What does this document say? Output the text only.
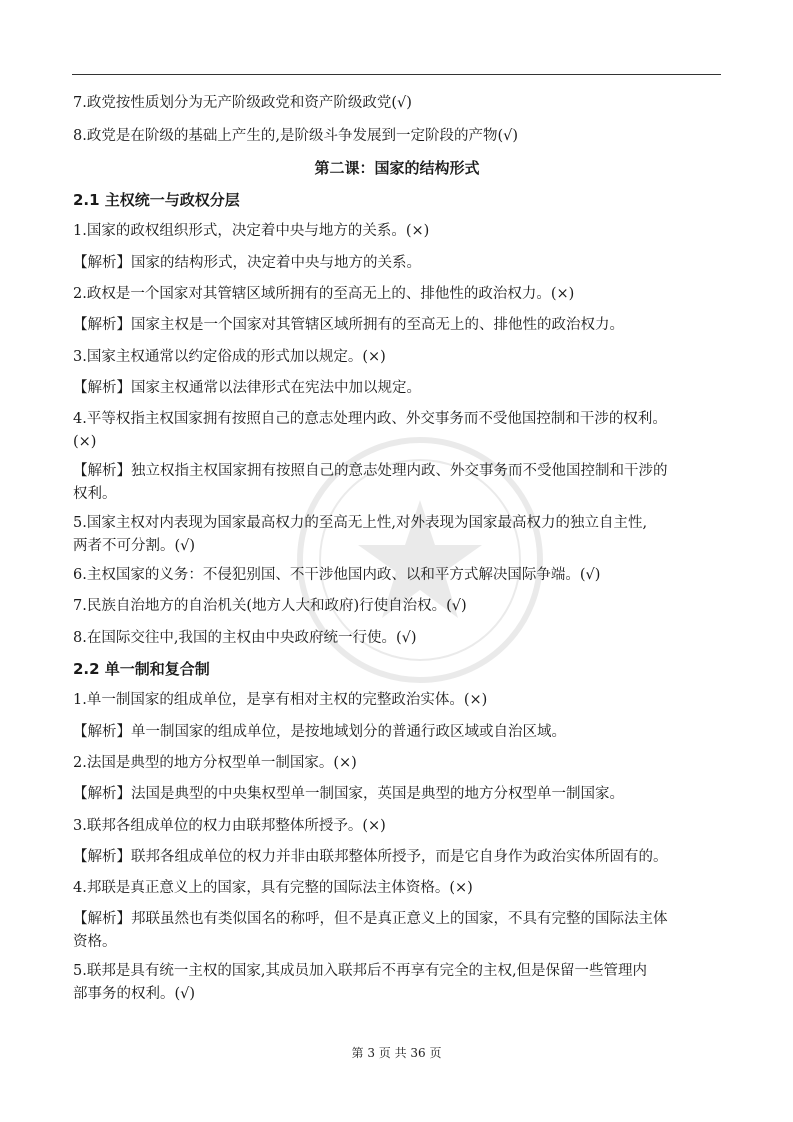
7.政党按性质划分为无产阶级政党和资产阶级政党(√)
8.政党是在阶级的基础上产生的,是阶级斗争发展到一定阶段的产物(√)
第二课：国家的结构形式
2.1 主权统一与政权分层
1.国家的政权组织形式，决定着中央与地方的关系。(×)
【解析】国家的结构形式，决定着中央与地方的关系。
2.政权是一个国家对其管辖区域所拥有的至高无上的、排他性的政治权力。(×)
【解析】国家主权是一个国家对其管辖区域所拥有的至高无上的、排他性的政治权力。
3.国家主权通常以约定俗成的形式加以规定。(×)
【解析】国家主权通常以法律形式在宪法中加以规定。
4.平等权指主权国家拥有按照自己的意志处理内政、外交事务而不受他国控制和干涉的权利。
(×)
【解析】独立权指主权国家拥有按照自己的意志处理内政、外交事务而不受他国控制和干涉的
权利。
5.国家主权对内表现为国家最高权力的至高无上性,对外表现为国家最高权力的独立自主性,
两者不可分割。(√)
6.主权国家的义务：不侵犯别国、不干涉他国内政、以和平方式解决国际争端。(√)
7.民族自治地方的自治机关(地方人大和政府)行使自治权。(√)
8.在国际交往中,我国的主权由中央政府统一行使。(√)
2.2 单一制和复合制
1.单一制国家的组成单位，是享有相对主权的完整政治实体。(×)
【解析】单一制国家的组成单位，是按地域划分的普通行政区域或自治区域。
2.法国是典型的地方分权型单一制国家。(×)
【解析】法国是典型的中央集权型单一制国家，英国是典型的地方分权型单一制国家。
3.联邦各组成单位的权力由联邦整体所授予。(×)
【解析】联邦各组成单位的权力并非由联邦整体所授予，而是它自身作为政治实体所固有的。
4.邦联是真正意义上的国家，具有完整的国际法主体资格。(×)
【解析】邦联虽然也有类似国名的称呼，但不是真正意义上的国家，不具有完整的国际法主体
资格。
5.联邦是具有统一主权的国家,其成员加入联邦后不再享有完全的主权,但是保留一些管理内
部事务的权利。(√)
第 3 页 共 36 页
